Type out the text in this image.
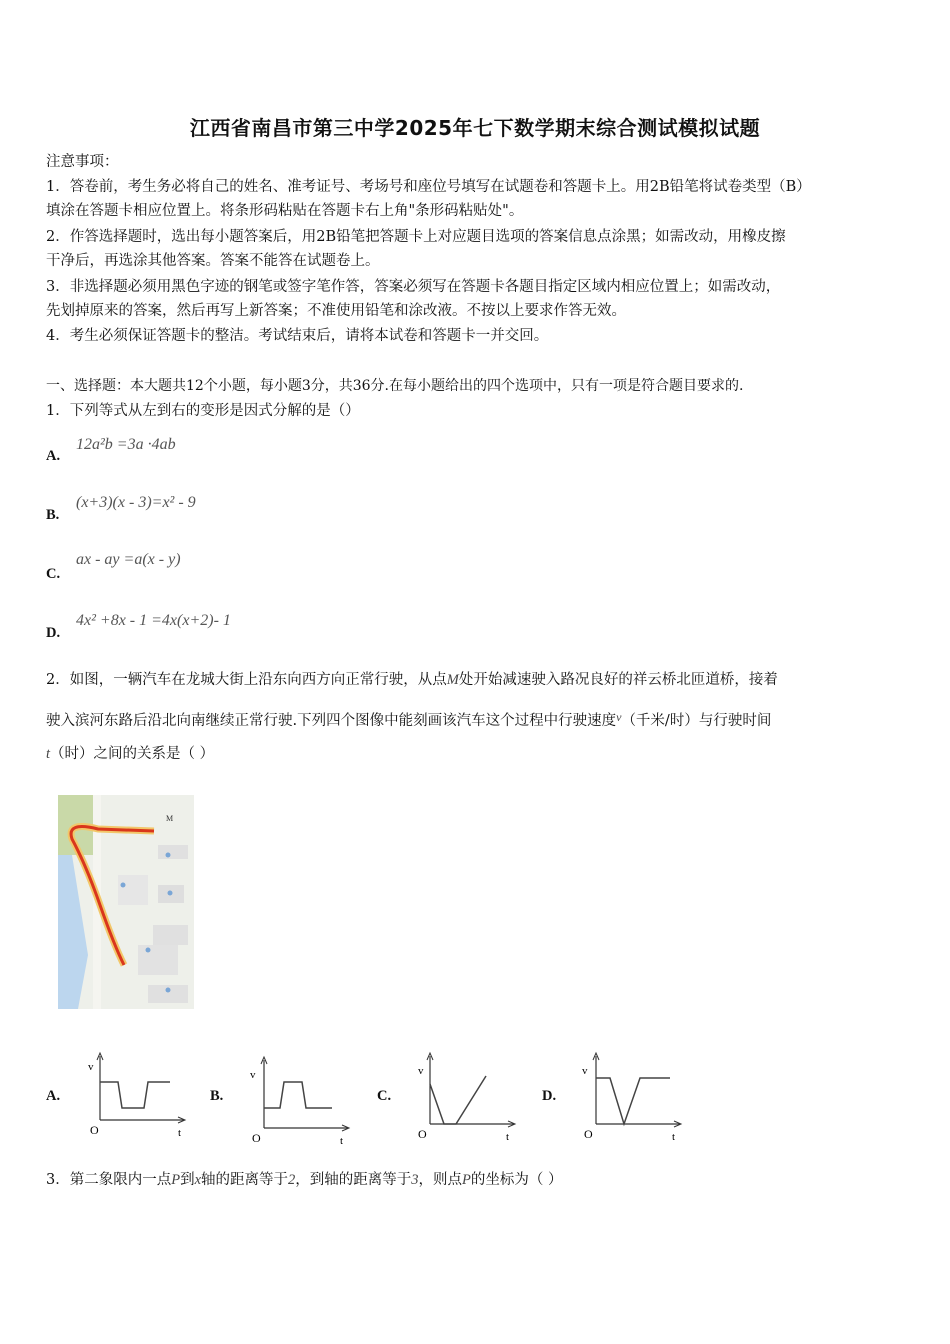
江西省南昌市第三中学2025年七下数学期末综合测试模拟试题
注意事项：
1．答卷前，考生务必将自己的姓名、准考证号、考场号和座位号填写在试题卷和答题卡上。用2B铅笔将试卷类型（B）
填涂在答题卡相应位置上。将条形码粘贴在答题卡右上角"条形码粘贴处"。
2．作答选择题时，选出每小题答案后，用2B铅笔把答题卡上对应题目选项的答案信息点涂黑；如需改动，用橡皮擦
干净后，再选涂其他答案。答案不能答在试题卷上。
3．非选择题必须用黑色字迹的钢笔或签字笔作答，答案必须写在答题卡各题目指定区域内相应位置上；如需改动，
先划掉原来的答案，然后再写上新答案；不准使用铅笔和涂改液。不按以上要求作答无效。
4．考生必须保证答题卡的整洁。考试结束后，请将本试卷和答题卡一并交回。
一、选择题：本大题共12个小题，每小题3分，共36分.在每小题给出的四个选项中，只有一项是符合题目要求的.
1．下列等式从左到右的变形是因式分解的是（）
A.
12a²b =3a ·4ab
B.
(x+3)(x - 3)=x² - 9
C.
ax - ay =a(x - y)
D.
4x² +8x - 1 =4x(x+2)- 1
2．如图，一辆汽车在龙城大街上沿东向西方向正常行驶，从点M处开始减速驶入路况良好的祥云桥北匝道桥，接着
驶入滨河东路后沿北向南继续正常行驶.下列四个图像中能刻画该汽车这个过程中行驶速度$^v$（千米/时）与行驶时间
t（时）之间的关系是（ ）
M
A.	B.	C.	D.
v
t
O
v
t
O
v
t
O
v
t
O
3．第二象限内一点P到x轴的距离等于2，到轴的距离等于3，则点P的坐标为（ ）
